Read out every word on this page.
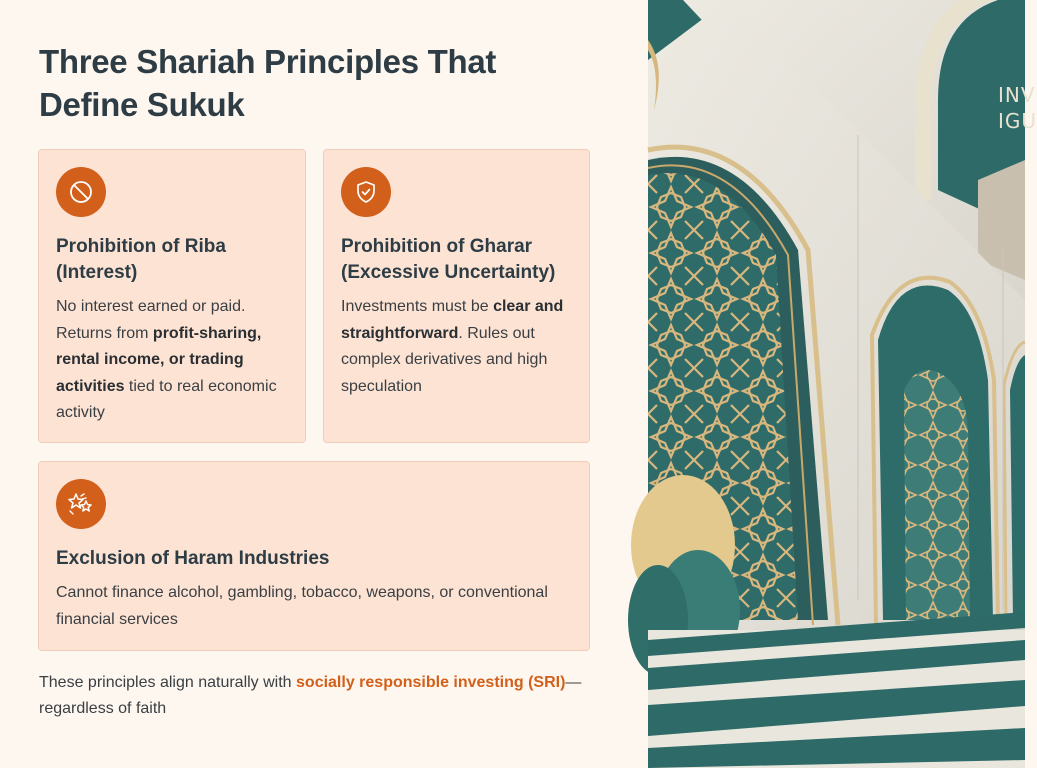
Three Shariah Principles That Define Sukuk
Prohibition of Riba (Interest)

No interest earned or paid. Returns from profit-sharing, rental income, or trading activities tied to real economic activity

Prohibition of Gharar (Excessive Uncertainty)

Investments must be clear and straightforward. Rules out complex derivatives and high speculation

Exclusion of Haram Industries

Cannot finance alcohol, gambling, tobacco, weapons, or conventional financial services

These principles align naturally with socially responsible investing (SRI)—regardless of faith

INV
IGU
